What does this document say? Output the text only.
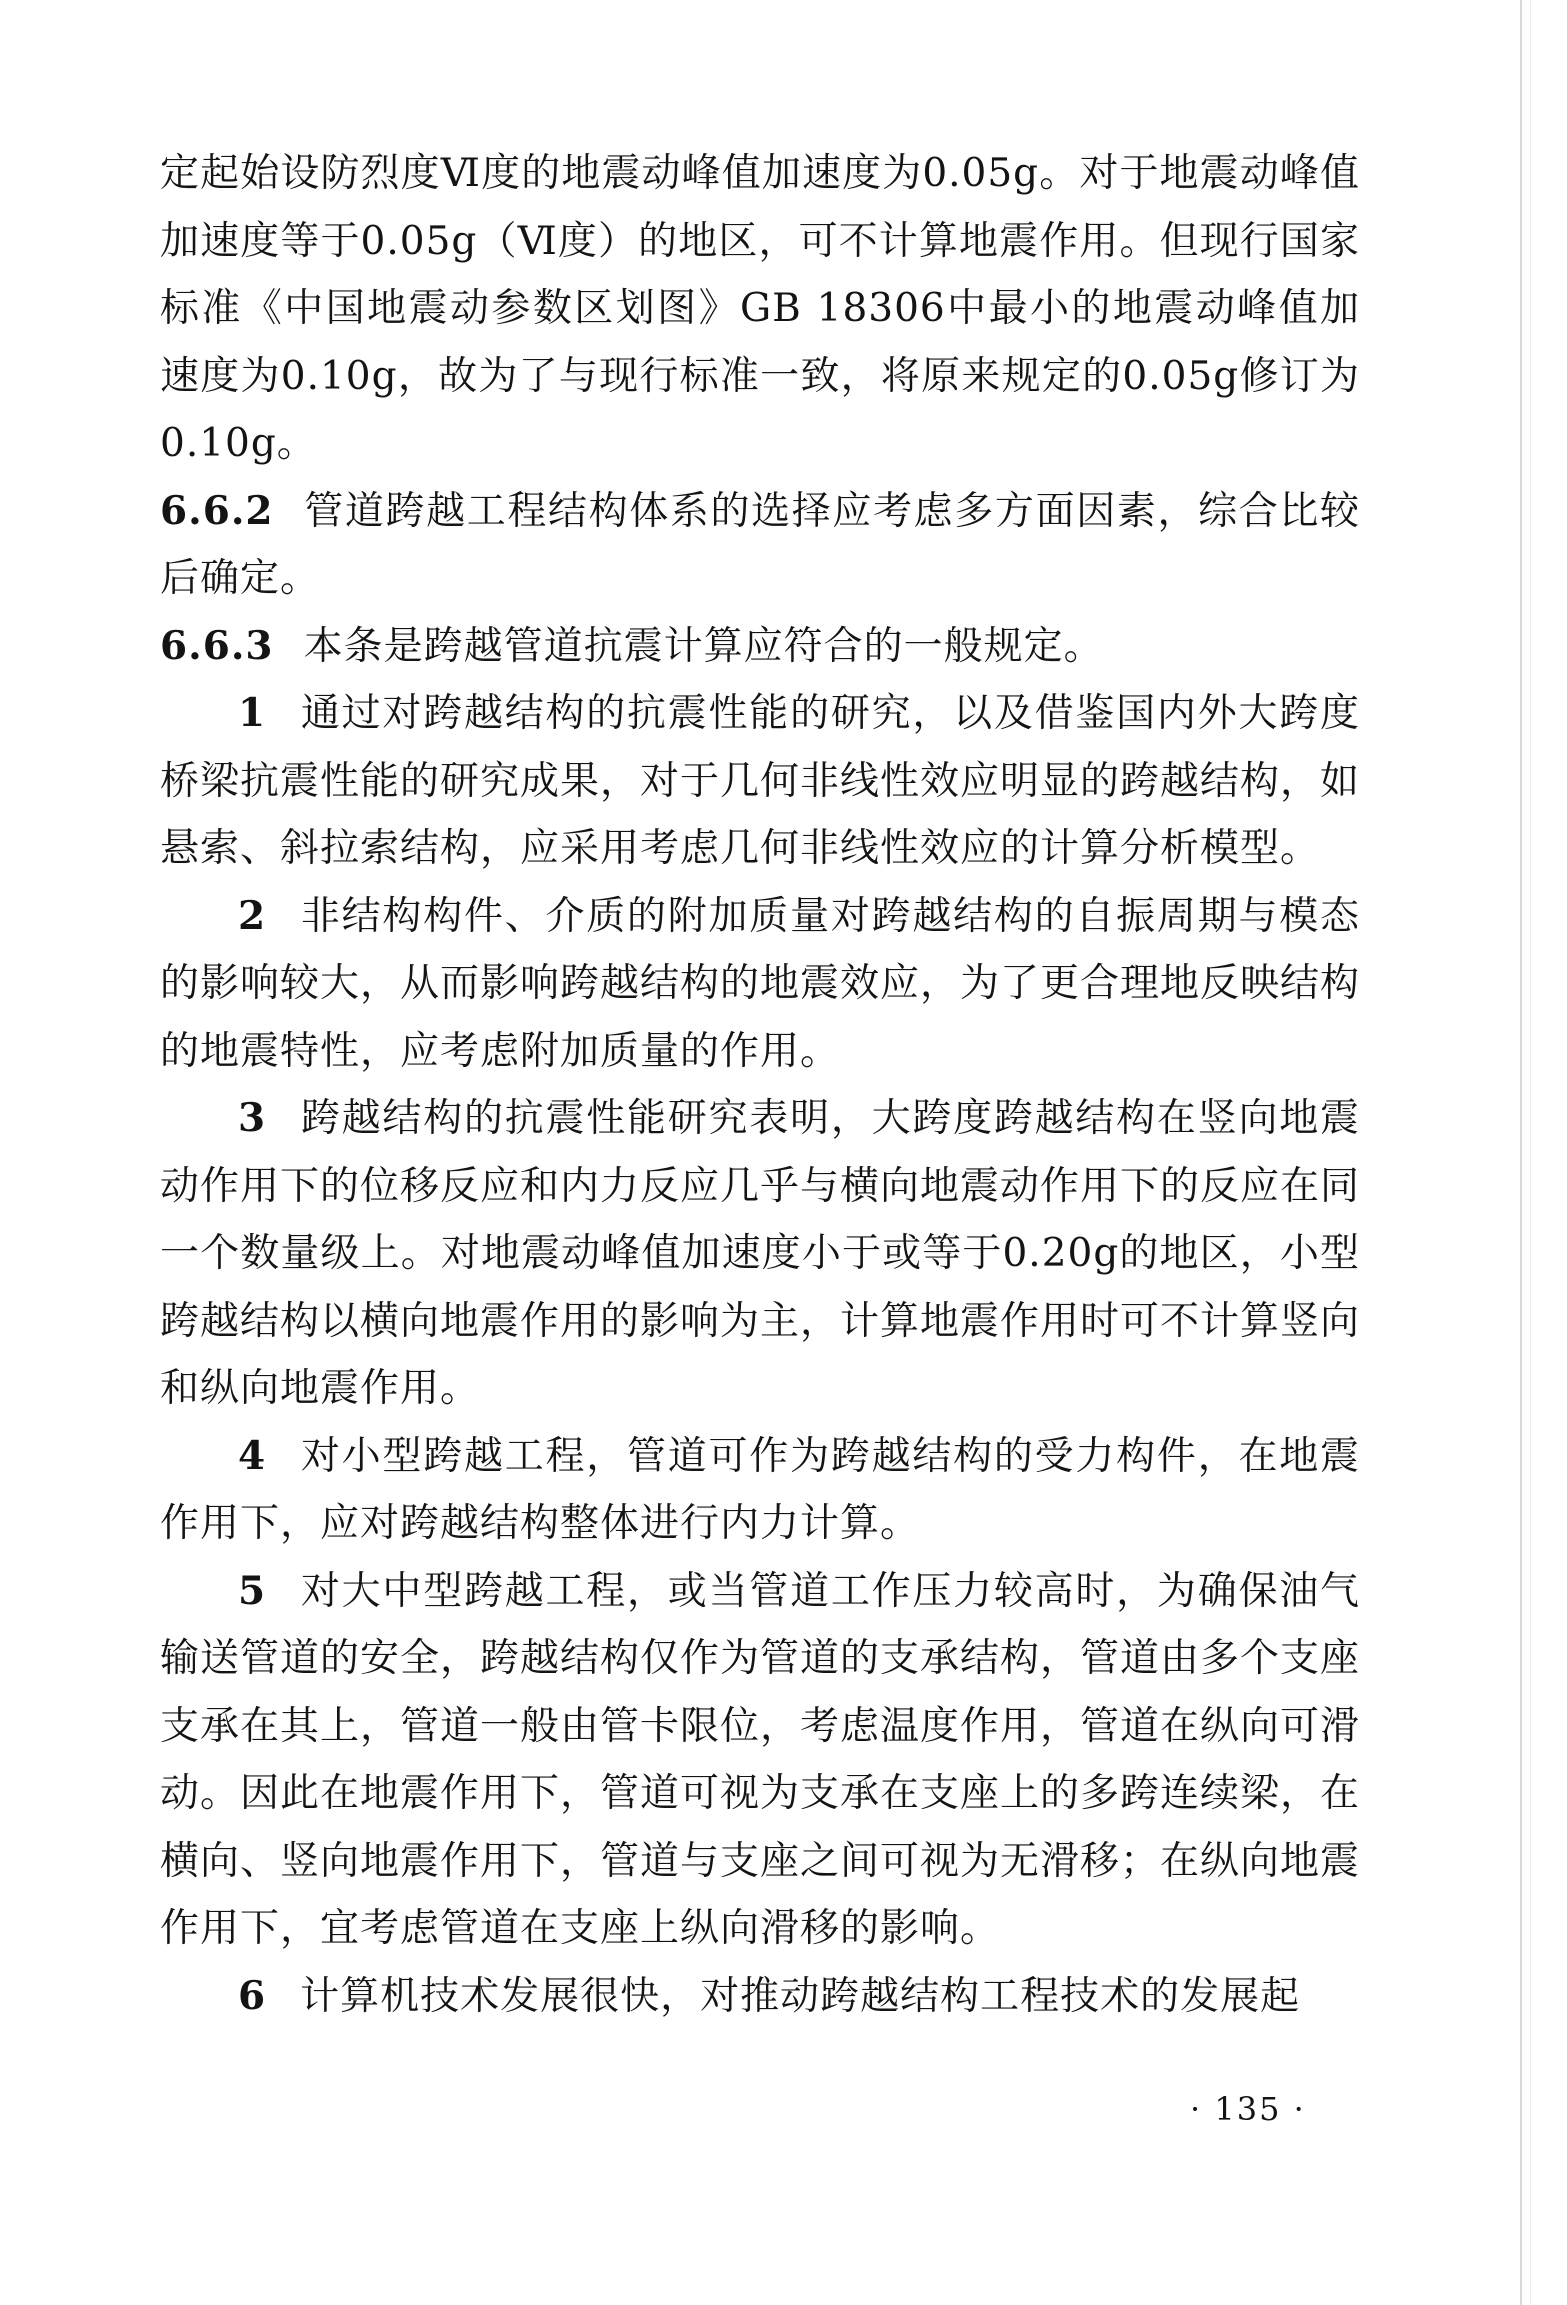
定起始设防烈度Ⅵ度的地震动峰值加速度为0.05g。对于地震动峰值加速度等于0.05g（Ⅵ度）的地区，可不计算地震作用。但现行国家标准《中国地震动参数区划图》GB 18306中最小的地震动峰值加速度为0.10g，故为了与现行标准一致，将原来规定的0.05g修订为0.10g。

6.6.2 管道跨越工程结构体系的选择应考虑多方面因素，综合比较后确定。

6.6.3 本条是跨越管道抗震计算应符合的一般规定。

1 通过对跨越结构的抗震性能的研究，以及借鉴国内外大跨度桥梁抗震性能的研究成果，对于几何非线性效应明显的跨越结构，如悬索、斜拉索结构，应采用考虑几何非线性效应的计算分析模型。

2 非结构构件、介质的附加质量对跨越结构的自振周期与模态的影响较大，从而影响跨越结构的地震效应，为了更合理地反映结构的地震特性，应考虑附加质量的作用。

3 跨越结构的抗震性能研究表明，大跨度跨越结构在竖向地震动作用下的位移反应和内力反应几乎与横向地震动作用下的反应在同一个数量级上。对地震动峰值加速度小于或等于0.20g的地区，小型跨越结构以横向地震作用的影响为主，计算地震作用时可不计算竖向和纵向地震作用。

4 对小型跨越工程，管道可作为跨越结构的受力构件，在地震作用下，应对跨越结构整体进行内力计算。

5 对大中型跨越工程，或当管道工作压力较高时，为确保油气输送管道的安全，跨越结构仅作为管道的支承结构，管道由多个支座支承在其上，管道一般由管卡限位，考虑温度作用，管道在纵向可滑动。因此在地震作用下，管道可视为支承在支座上的多跨连续梁，在横向、竖向地震作用下，管道与支座之间可视为无滑移；在纵向地震作用下，宜考虑管道在支座上纵向滑移的影响。

6 计算机技术发展很快，对推动跨越结构工程技术的发展起

· 135 ·
